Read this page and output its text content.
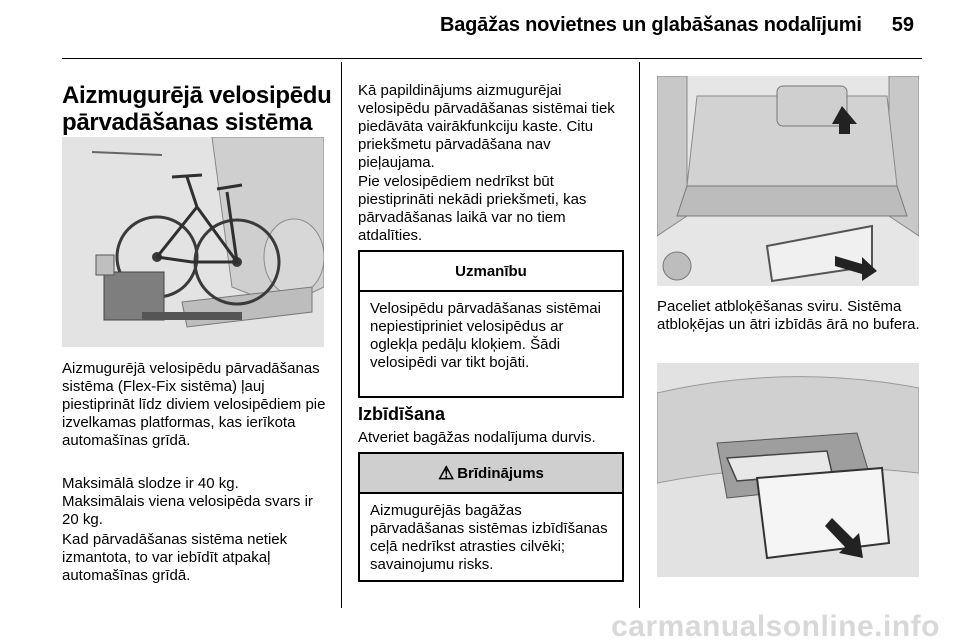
Bagāžas novietnes un glabāšanas nodalījumi 59
Aizmugurējā velosipēdu
pārvadāšanas sistēma

Aizmugurējā velosipēdu pārvadāšanas sistēma (Flex-Fix sistēma) ļauj piestiprināt līdz diviem velosipēdiem pie izvelkamas platformas, kas ierīkota automašīnas grīdā.

Maksimālā slodze ir 40 kg.
Maksimālais viena velosipēda svars ir 20 kg.

Kad pārvadāšanas sistēma netiek izmantota, to var iebīdīt atpakaļ automašīnas grīdā.

Kā papildinājums aizmugurējai velosipēdu pārvadāšanas sistēmai tiek piedāvāta vairākfunkciju kaste. Citu priekšmetu pārvadāšana nav pieļaujama.

Pie velosipēdiem nedrīkst būt piestiprināti nekādi priekšmeti, kas pārvadāšanas laikā var no tiem atdalīties.

Uzmanību
Velosipēdu pārvadāšanas sistēmai nepiestipriniet velosipēdus ar oglekļa pedāļu kloķiem. Šādi velosipēdi var tikt bojāti.
Izbīdīšana

Atveriet bagāžas nodalījuma durvis.

⚠ Brīdinājums
Aizmugurējās bagāžas pārvadāšanas sistēmas izbīdīšanas ceļā nedrīkst atrasties cilvēki; savainojumu risks.

Paceliet atbloķēšanas sviru. Sistēma atbloķējas un ātri izbīdās ārā no bufera.

carmanualsonline.info
